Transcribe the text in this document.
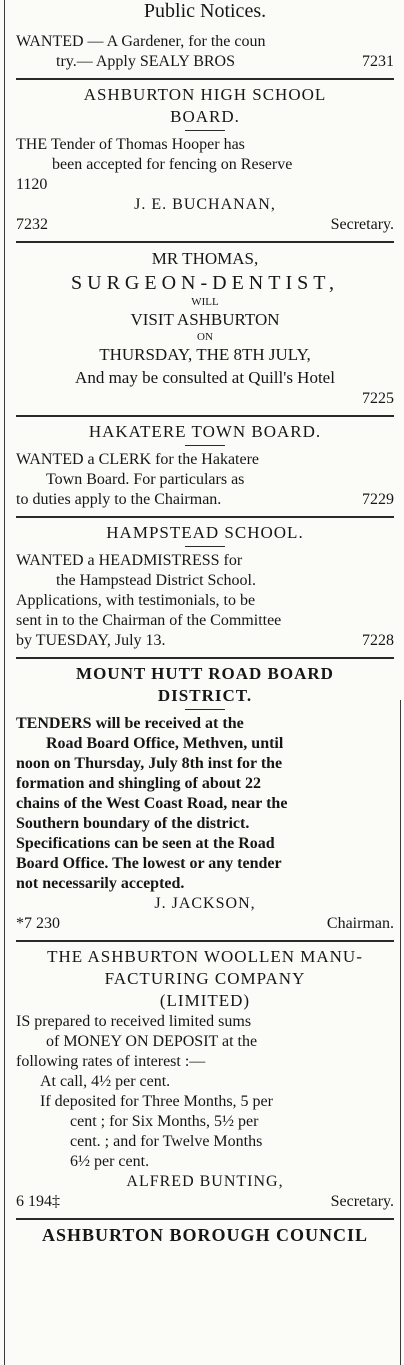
Public Notices.
WANTED — A Gardener, for the coun
try.— Apply SEALY BROS	7231
ASHBURTON HIGH SCHOOL
BOARD.
THE Tender of Thomas Hooper has
been accepted for fencing on Reserve
1120
J. E. BUCHANAN,
7232	Secretary.
MR THOMAS,
SURGEON-DENTIST,
WILL
VISIT ASHBURTON
ON
THURSDAY, THE 8TH JULY,
And may be consulted at Quill's Hotel
7225
HAKATERE TOWN BOARD.
WANTED a CLERK for the Hakatere
Town Board. For particulars as
to duties apply to the Chairman.	7229
HAMPSTEAD SCHOOL.
WANTED a HEADMISTRESS for
the Hampstead District School.
Applications, with testimonials, to be
sent in to the Chairman of the Committee
by TUESDAY, July 13.	7228
MOUNT HUTT ROAD BOARD
DISTRICT.
TENDERS will be received at the
Road Board Office, Methven, until
noon on Thursday, July 8th inst for the
formation and shingling of about 22
chains of the West Coast Road, near the
Southern boundary of the district.
Specifications can be seen at the Road
Board Office. The lowest or any tender
not necessarily accepted.
J. JACKSON,
*7 230	Chairman.
THE ASHBURTON WOOLLEN MANU-
FACTURING COMPANY
(LIMITED)
IS prepared to received limited sums
of MONEY ON DEPOSIT at the
following rates of interest :—
At call, 4½ per cent.
If deposited for Three Months, 5 per
cent ; for Six Months, 5½ per
cent. ; and for Twelve Months
6½ per cent.
ALFRED BUNTING,
6 194‡	Secretary.
ASHBURTON BOROUGH COUNCIL
